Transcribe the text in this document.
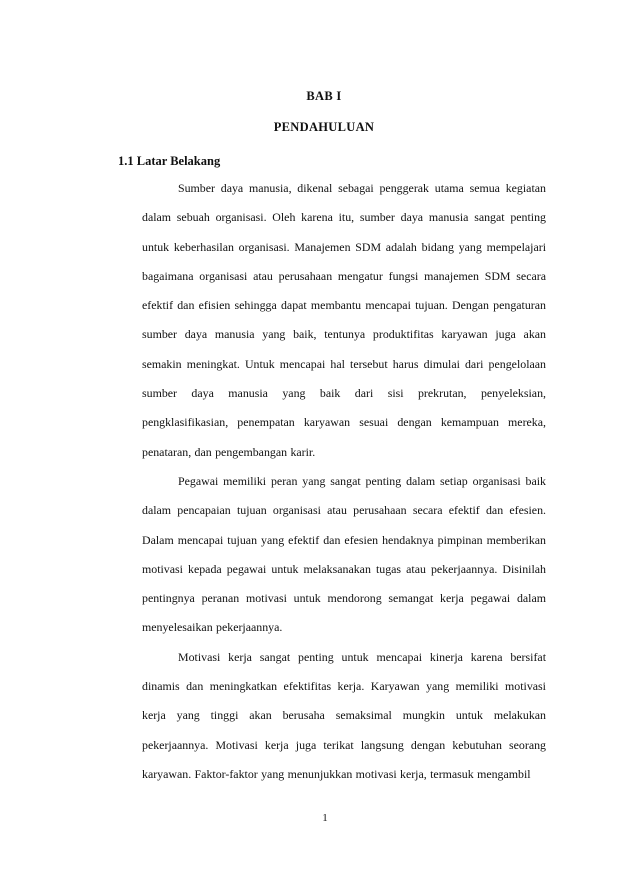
BAB I
PENDAHULUAN
1.1 Latar Belakang

Sumber daya manusia, dikenal sebagai penggerak utama semua kegiatan dalam sebuah organisasi. Oleh karena itu, sumber daya manusia sangat penting untuk keberhasilan organisasi. Manajemen SDM adalah bidang yang mempelajari bagaimana organisasi atau perusahaan mengatur fungsi manajemen SDM secara efektif dan efisien sehingga dapat membantu mencapai tujuan. Dengan pengaturan sumber daya manusia yang baik, tentunya produktifitas karyawan juga akan semakin meningkat. Untuk mencapai hal tersebut harus dimulai dari pengelolaan sumber daya manusia yang baik dari sisi prekrutan, penyeleksian, pengklasifikasian, penempatan karyawan sesuai dengan kemampuan mereka, penataran, dan pengembangan karir.

Pegawai memiliki peran yang sangat penting dalam setiap organisasi baik dalam pencapaian tujuan organisasi atau perusahaan secara efektif dan efesien. Dalam mencapai tujuan yang efektif dan efesien hendaknya pimpinan memberikan motivasi kepada pegawai untuk melaksanakan tugas atau pekerjaannya. Disinilah pentingnya peranan motivasi untuk mendorong semangat kerja pegawai dalam menyelesaikan pekerjaannya.

Motivasi kerja sangat penting untuk mencapai kinerja karena bersifat dinamis dan meningkatkan efektifitas kerja. Karyawan yang memiliki motivasi kerja yang tinggi akan berusaha semaksimal mungkin untuk melakukan pekerjaannya. Motivasi kerja juga terikat langsung dengan kebutuhan seorang karyawan. Faktor-faktor yang menunjukkan motivasi kerja, termasuk mengambil

1
